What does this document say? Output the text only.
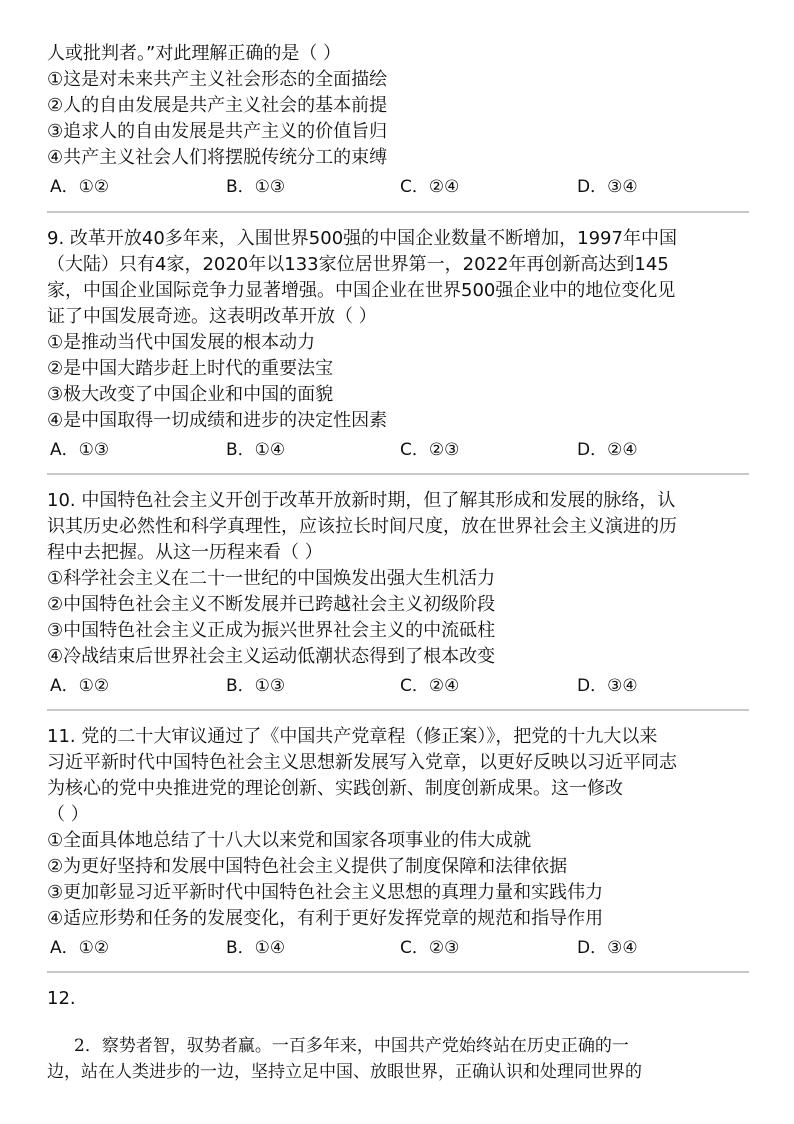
人或批判者。”对此理解正确的是（ ）
①这是对未来共产主义社会形态的全面描绘
②人的自由发展是共产主义社会的基本前提
③追求人的自由发展是共产主义的价值旨归
④共产主义社会人们将摆脱传统分工的束缚
A．①②	B．①③	C．②④	D．③④
9. 改革开放40多年来，入围世界500强的中国企业数量不断增加，1997年中国
（大陆）只有4家，2020年以133家位居世界第一，2022年再创新高达到145
家，中国企业国际竞争力显著增强。中国企业在世界500强企业中的地位变化见
证了中国发展奇迹。这表明改革开放（ ）
①是推动当代中国发展的根本动力
②是中国大踏步赶上时代的重要法宝
③极大改变了中国企业和中国的面貌
④是中国取得一切成绩和进步的决定性因素
A．①③	B．①④	C．②③	D．②④
10. 中国特色社会主义开创于改革开放新时期，但了解其形成和发展的脉络，认
识其历史必然性和科学真理性，应该拉长时间尺度，放在世界社会主义演进的历
程中去把握。从这一历程来看（ ）
①科学社会主义在二十一世纪的中国焕发出强大生机活力
②中国特色社会主义不断发展并已跨越社会主义初级阶段
③中国特色社会主义正成为振兴世界社会主义的中流砥柱
④冷战结束后世界社会主义运动低潮状态得到了根本改变
A．①②	B．①③	C．②④	D．③④
11. 党的二十大审议通过了《中国共产党章程（修正案）》，把党的十九大以来
习近平新时代中国特色社会主义思想新发展写入党章，以更好反映以习近平同志
为核心的党中央推进党的理论创新、实践创新、制度创新成果。这一修改
（ ）
①全面具体地总结了十八大以来党和国家各项事业的伟大成就
②为更好坚持和发展中国特色社会主义提供了制度保障和法律依据
③更加彰显习近平新时代中国特色社会主义思想的真理力量和实践伟力
④适应形势和任务的发展变化，有利于更好发挥党章的规范和指导作用
A．①②	B．①④	C．②③	D．③④
12.
2．察势者智，驭势者赢。一百多年来，中国共产党始终站在历史正确的一
边，站在人类进步的一边，坚持立足中国、放眼世界，正确认识和处理同世界的
